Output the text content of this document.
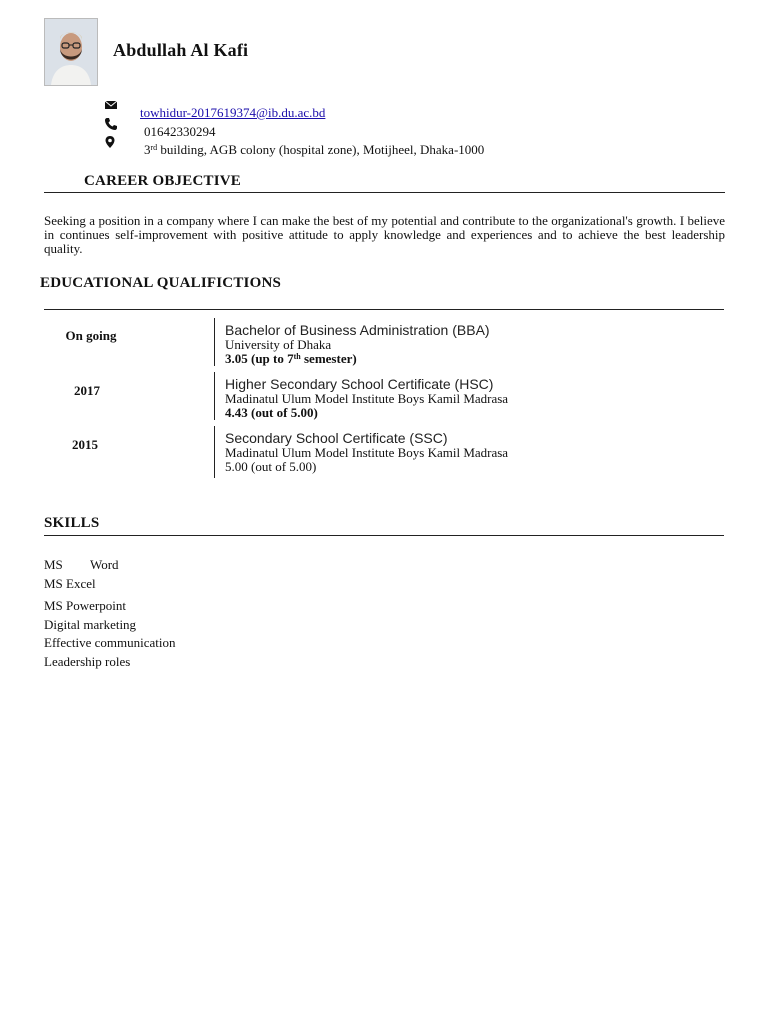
Abdullah Al Kafi
towhidur-2017619374@ib.du.ac.bd
01642330294
3rd building, AGB colony (hospital zone), Motijheel, Dhaka-1000
CAREER OBJECTIVE
Seeking a position in a company where I can make the best of my potential and contribute to the organizational's growth. I believe in continues self-improvement with positive attitude to apply knowledge and experiences and to achieve the best leadership quality.
EDUCATIONAL QUALIFICTIONS
On going	Bachelor of Business Administration (BBA)
University of Dhaka
3.05 (up to 7th semester)
2017	Higher Secondary School Certificate (HSC)
Madinatul Ulum Model Institute Boys Kamil Madrasa
4.43 (out of 5.00)
2015	Secondary School Certificate (SSC)
Madinatul Ulum Model Institute Boys Kamil Madrasa
5.00 (out of 5.00)
SKILLS
MS Word
MS Excel
MS Powerpoint
Digital marketing
Effective communication
Leadership roles
